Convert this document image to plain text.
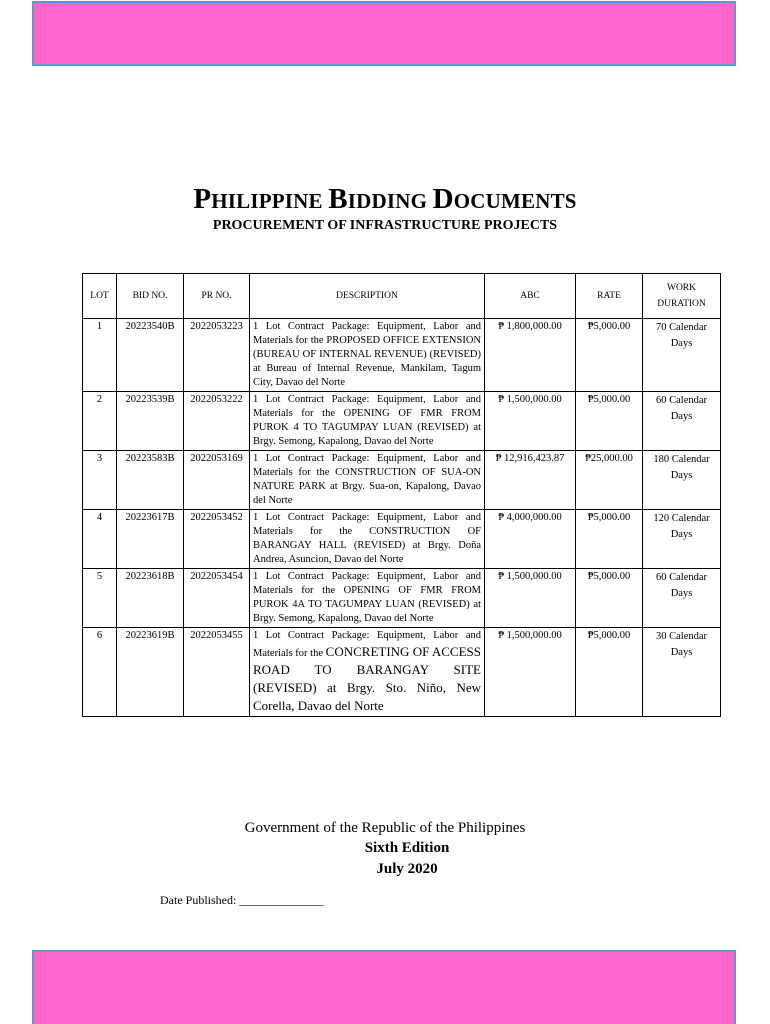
PHILIPPINE BIDDING DOCUMENTS
PROCUREMENT OF INFRASTRUCTURE PROJECTS
LOT	BID NO.	PR NO.	DESCRIPTION	ABC	RATE	WORK DURATION
1	20223540B	2022053223	1 Lot Contract Package: Equipment, Labor and Materials for the PROPOSED OFFICE EXTENSION (BUREAU OF INTERNAL REVENUE) (REVISED) at Bureau of Internal Revenue, Mankilam, Tagum City, Davao del Norte	₱ 1,800,000.00	₱5,000.00	70 Calendar Days
2	20223539B	2022053222	1 Lot Contract Package: Equipment, Labor and Materials for the OPENING OF FMR FROM PUROK 4 TO TAGUMPAY LUAN (REVISED) at Brgy. Semong, Kapalong, Davao del Norte	₱ 1,500,000.00	₱5,000.00	60 Calendar Days
3	20223583B	2022053169	1 Lot Contract Package: Equipment, Labor and Materials for the CONSTRUCTION OF SUA-ON NATURE PARK at Brgy. Sua-on, Kapalong, Davao del Norte	₱ 12,916,423.87	₱25,000.00	180 Calendar Days
4	20223617B	2022053452	1 Lot Contract Package: Equipment, Labor and Materials for the CONSTRUCTION OF BARANGAY HALL (REVISED) at Brgy. Doña Andrea, Asuncion, Davao del Norte	₱ 4,000,000.00	₱5,000.00	120 Calendar Days
5	20223618B	2022053454	1 Lot Contract Package: Equipment, Labor and Materials for the OPENING OF FMR FROM PUROK 4A TO TAGUMPAY LUAN (REVISED) at Brgy. Semong, Kapalong, Davao del Norte	₱ 1,500,000.00	₱5,000.00	60 Calendar Days
6	20223619B	2022053455	1 Lot Contract Package: Equipment, Labor and Materials for the CONCRETING OF ACCESS ROAD TO BARANGAY SITE (REVISED) at Brgy. Sto. Niño, New Corella, Davao del Norte	₱ 1,500,000.00	₱5,000.00	30 Calendar Days
Government of the Republic of the Philippines
Sixth Edition
July 2020
Date Published: ______________
